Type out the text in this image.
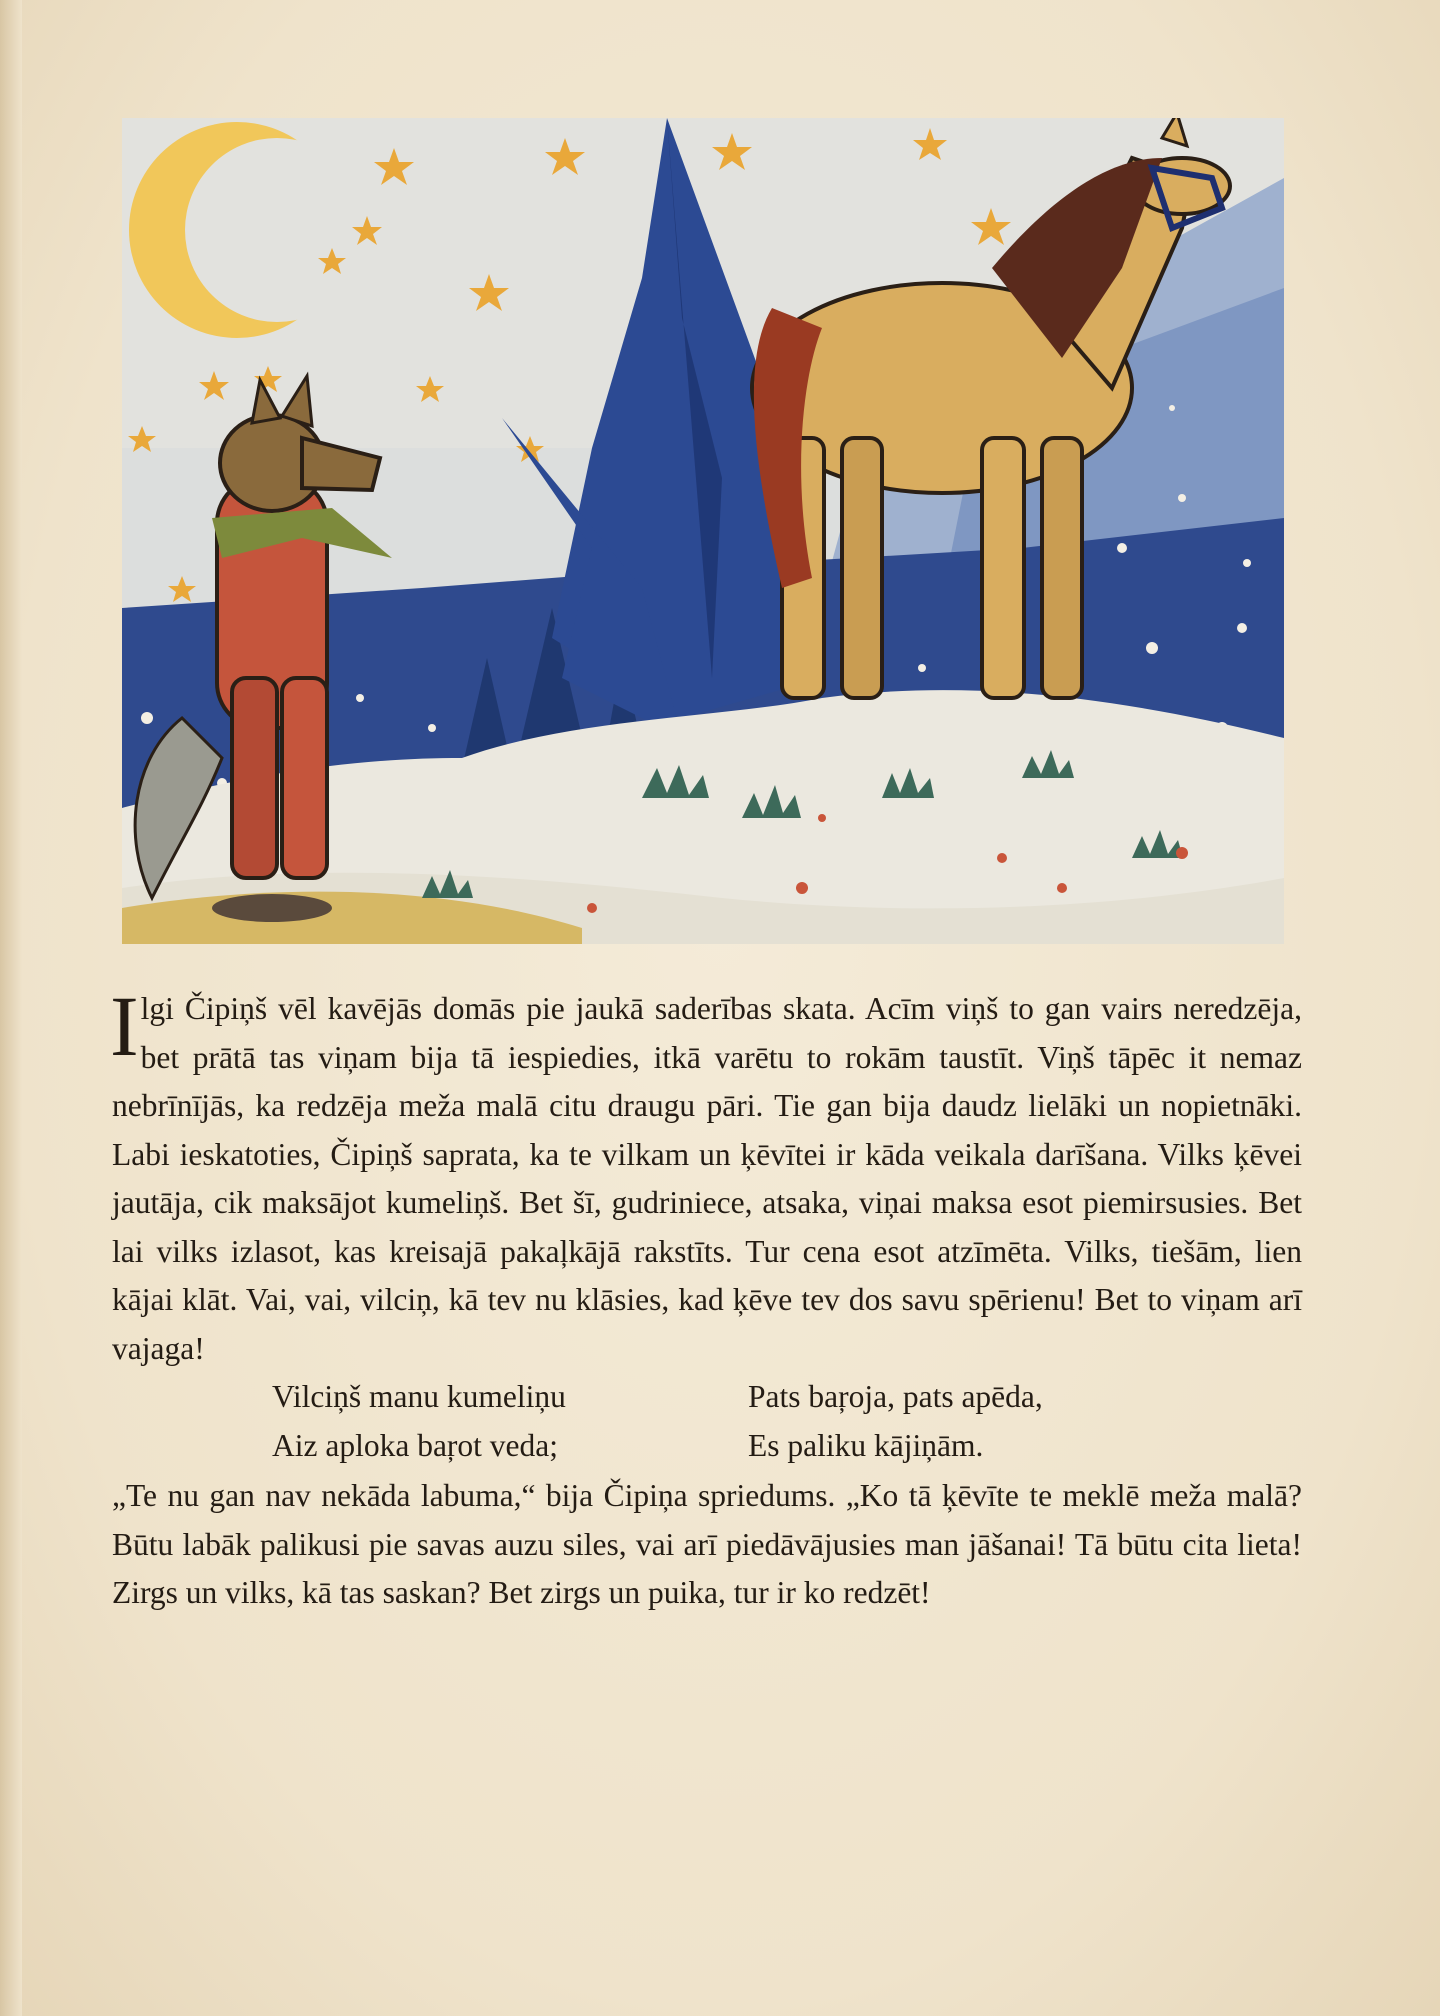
Ilgi Čipiņš vēl kavējās domās pie jaukā saderības skata. Acīm viņš to gan vairs neredzēja, bet prātā tas viņam bija tā iespiedies, itkā varētu to rokām taustīt. Viņš tāpēc it nemaz nebrīnījās, ka redzēja meža malā citu draugu pāri. Tie gan bija daudz lielāki un nopietnāki. Labi ieskatoties, Čipiņš saprata, ka te vilkam un ķēvītei ir kāda veikala darīšana. Vilks ķēvei jautāja, cik maksājot kumeliņš. Bet šī, gudriniece, atsaka, viņai maksa esot piemirsusies. Bet lai vilks izlasot, kas kreisajā pakaļkājā rakstīts. Tur cena esot atzīmēta. Vilks, tiešām, lien kājai klāt. Vai, vai, vilciņ, kā tev nu klāsies, kad ķēve tev dos savu spērienu! Bet to viņam arī vajaga!

Vilciņš manu kumeliņu
Aiz aploka baŗot veda;
Pats baŗoja, pats apēda,
Es paliku kājiņām.

„Te nu gan nav nekāda labuma,“ bija Čipiņa spriedums. „Ko tā ķēvīte te meklē meža malā? Būtu labāk palikusi pie savas auzu siles, vai arī piedāvājusies man jāšanai! Tā būtu cita lieta! Zirgs un vilks, kā tas saskan? Bet zirgs un puika, tur ir ko redzēt!
